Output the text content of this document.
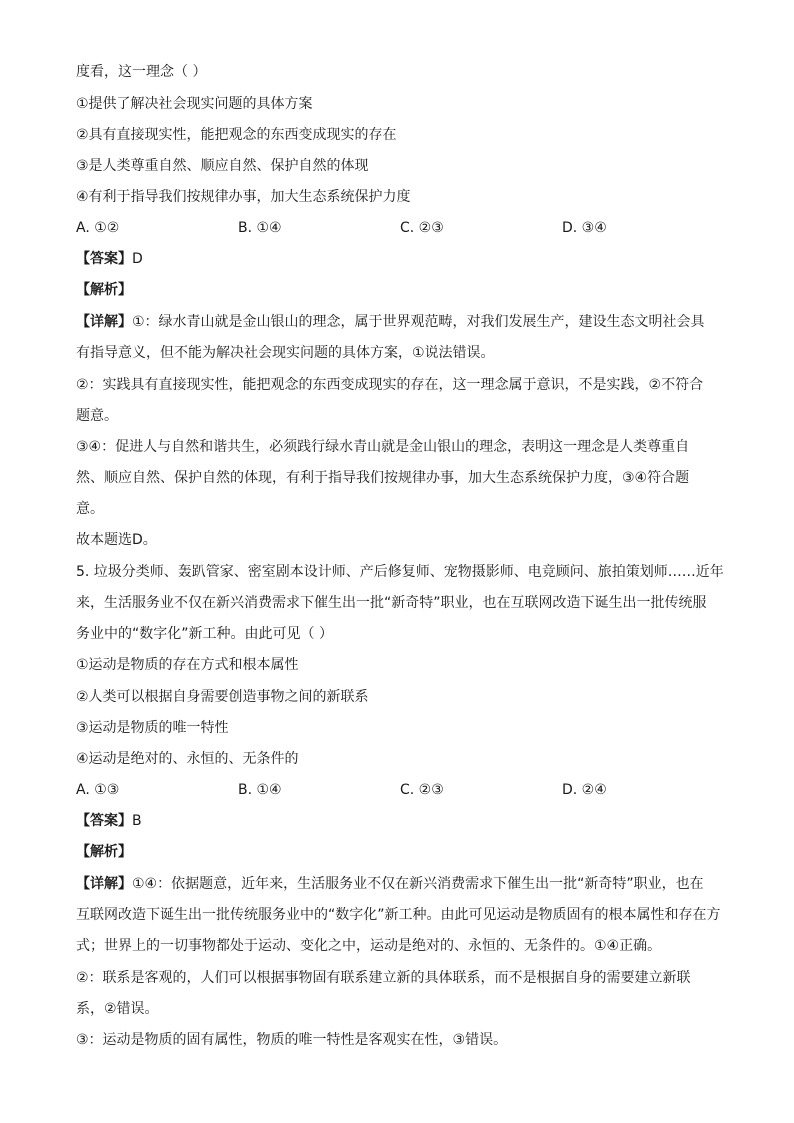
度看，这一理念（ ）
①提供了解决社会现实问题的具体方案
②具有直接现实性，能把观念的东西变成现实的存在
③是人类尊重自然、顺应自然、保护自然的体现
④有利于指导我们按规律办事，加大生态系统保护力度
A. ①②	B. ①④	C. ②③	D. ③④
【答案】D
【解析】
【详解】①：绿水青山就是金山银山的理念，属于世界观范畴，对我们发展生产，建设生态文明社会具
有指导意义，但不能为解决社会现实问题的具体方案，①说法错误。
②：实践具有直接现实性，能把观念的东西变成现实的存在，这一理念属于意识，不是实践，②不符合
题意。
③④：促进人与自然和谐共生，必须践行绿水青山就是金山银山的理念，表明这一理念是人类尊重自
然、顺应自然、保护自然的体现，有利于指导我们按规律办事，加大生态系统保护力度，③④符合题
意。
故本题选D。
5. 垃圾分类师、轰趴管家、密室剧本设计师、产后修复师、宠物摄影师、电竞顾问、旅拍策划师……近年
来，生活服务业不仅在新兴消费需求下催生出一批“新奇特”职业，也在互联网改造下诞生出一批传统服
务业中的“数字化”新工种。由此可见（ ）
①运动是物质的存在方式和根本属性
②人类可以根据自身需要创造事物之间的新联系
③运动是物质的唯一特性
④运动是绝对的、永恒的、无条件的
A. ①③	B. ①④	C. ②③	D. ②④
【答案】B
【解析】
【详解】①④：依据题意，近年来，生活服务业不仅在新兴消费需求下催生出一批“新奇特”职业，也在
互联网改造下诞生出一批传统服务业中的“数字化”新工种。由此可见运动是物质固有的根本属性和存在方
式；世界上的一切事物都处于运动、变化之中，运动是绝对的、永恒的、无条件的。①④正确。
②：联系是客观的，人们可以根据事物固有联系建立新的具体联系，而不是根据自身的需要建立新联
系，②错误。
③：运动是物质的固有属性，物质的唯一特性是客观实在性，③错误。
